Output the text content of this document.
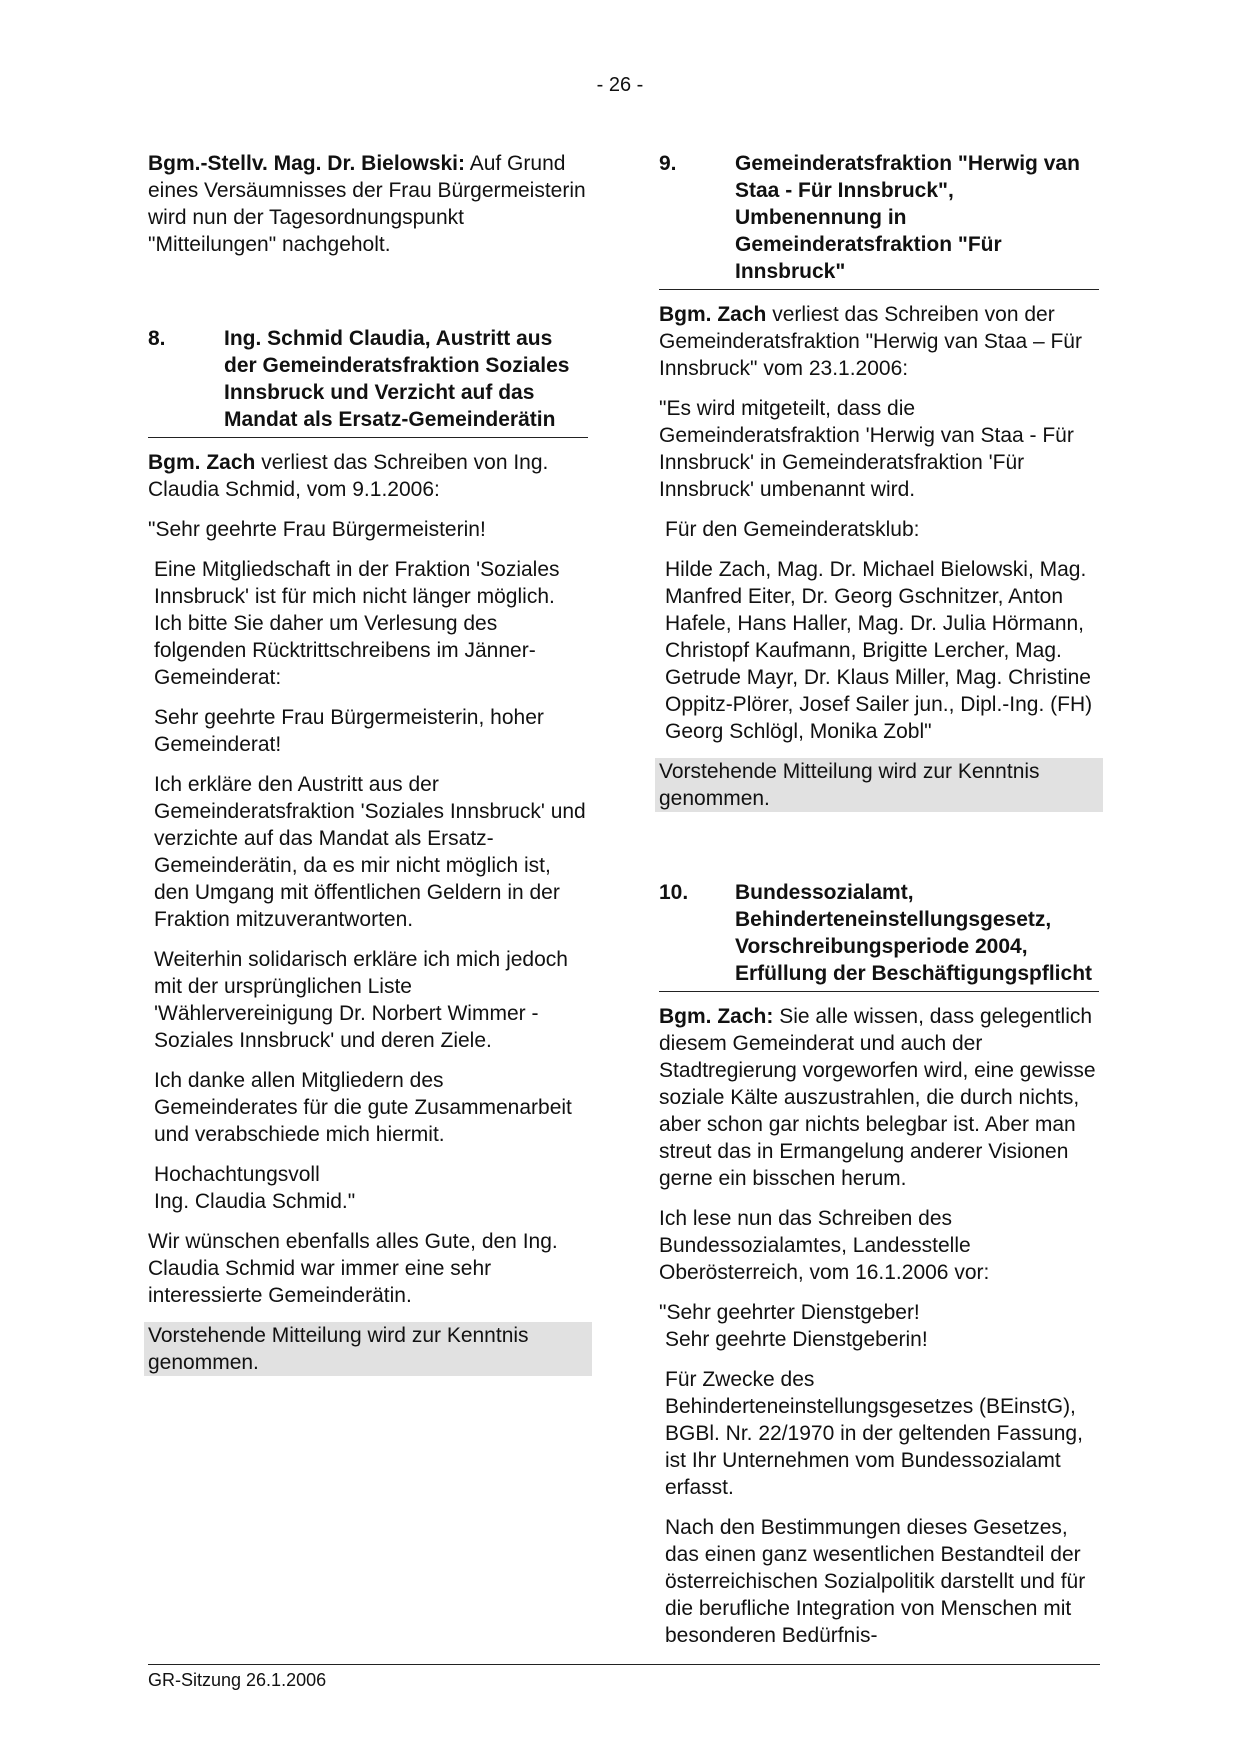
- 26 -

Bgm.-Stellv. Mag. Dr. Bielowski: Auf Grund eines Versäumnisses der Frau Bürgermeisterin wird nun der Tagesordnungspunkt "Mitteilungen" nachgeholt.

8.	Ing. Schmid Claudia, Austritt aus der Gemeinderatsfraktion Soziales Innsbruck und Verzicht auf das Mandat als Ersatz-Gemeinderätin

Bgm. Zach verliest das Schreiben von Ing. Claudia Schmid, vom 9.1.2006:

"Sehr geehrte Frau Bürgermeisterin!

Eine Mitgliedschaft in der Fraktion 'Soziales Innsbruck' ist für mich nicht länger möglich. Ich bitte Sie daher um Verlesung des folgenden Rücktrittschreibens im Jänner-Gemeinderat:

Sehr geehrte Frau Bürgermeisterin, hoher Gemeinderat!

Ich erkläre den Austritt aus der Gemeinderatsfraktion 'Soziales Innsbruck' und verzichte auf das Mandat als Ersatz-Gemeinderätin, da es mir nicht möglich ist, den Umgang mit öffentlichen Geldern in der Fraktion mitzuverantworten.

Weiterhin solidarisch erkläre ich mich jedoch mit der ursprünglichen Liste 'Wählervereinigung Dr. Norbert Wimmer - Soziales Innsbruck' und deren Ziele.

Ich danke allen Mitgliedern des Gemeinderates für die gute Zusammenarbeit und verabschiede mich hiermit.

Hochachtungsvoll
Ing. Claudia Schmid."

Wir wünschen ebenfalls alles Gute, den Ing. Claudia Schmid war immer eine sehr interessierte Gemeinderätin.

Vorstehende Mitteilung wird zur Kenntnis genommen.

9.	Gemeinderatsfraktion "Herwig van Staa - Für Innsbruck", Umbenennung in Gemeinderatsfraktion "Für Innsbruck"

Bgm. Zach verliest das Schreiben von der Gemeinderatsfraktion "Herwig van Staa – Für Innsbruck" vom 23.1.2006:

"Es wird mitgeteilt, dass die Gemeinderatsfraktion 'Herwig van Staa - Für Innsbruck' in Gemeinderatsfraktion 'Für Innsbruck' umbenannt wird.

Für den Gemeinderatsklub:

Hilde Zach, Mag. Dr. Michael Bielowski, Mag. Manfred Eiter, Dr. Georg Gschnitzer, Anton Hafele, Hans Haller, Mag. Dr. Julia Hörmann, Christopf Kaufmann, Brigitte Lercher, Mag. Getrude Mayr, Dr. Klaus Miller, Mag. Christine Oppitz-Plörer, Josef Sailer jun., Dipl.-Ing. (FH) Georg Schlögl, Monika Zobl"

Vorstehende Mitteilung wird zur Kenntnis genommen.

10. Bundessozialamt, Behinderteneinstellungsgesetz, Vorschreibungsperiode 2004, Erfüllung der Beschäftigungspflicht

Bgm. Zach: Sie alle wissen, dass gelegentlich diesem Gemeinderat und auch der Stadtregierung vorgeworfen wird, eine gewisse soziale Kälte auszustrahlen, die durch nichts, aber schon gar nichts belegbar ist. Aber man streut das in Ermangelung anderer Visionen gerne ein bisschen herum.

Ich lese nun das Schreiben des Bundessozialamtes, Landesstelle Oberösterreich, vom 16.1.2006 vor:

"Sehr geehrter Dienstgeber!
Sehr geehrte Dienstgeberin!

Für Zwecke des Behinderteneinstellungsgesetzes (BEinstG), BGBl. Nr. 22/1970 in der geltenden Fassung, ist Ihr Unternehmen vom Bundessozialamt erfasst.

Nach den Bestimmungen dieses Gesetzes, das einen ganz wesentlichen Bestandteil der österreichischen Sozialpolitik darstellt und für die berufliche Integration von Menschen mit besonderen Bedürfnis-

GR-Sitzung 26.1.2006
